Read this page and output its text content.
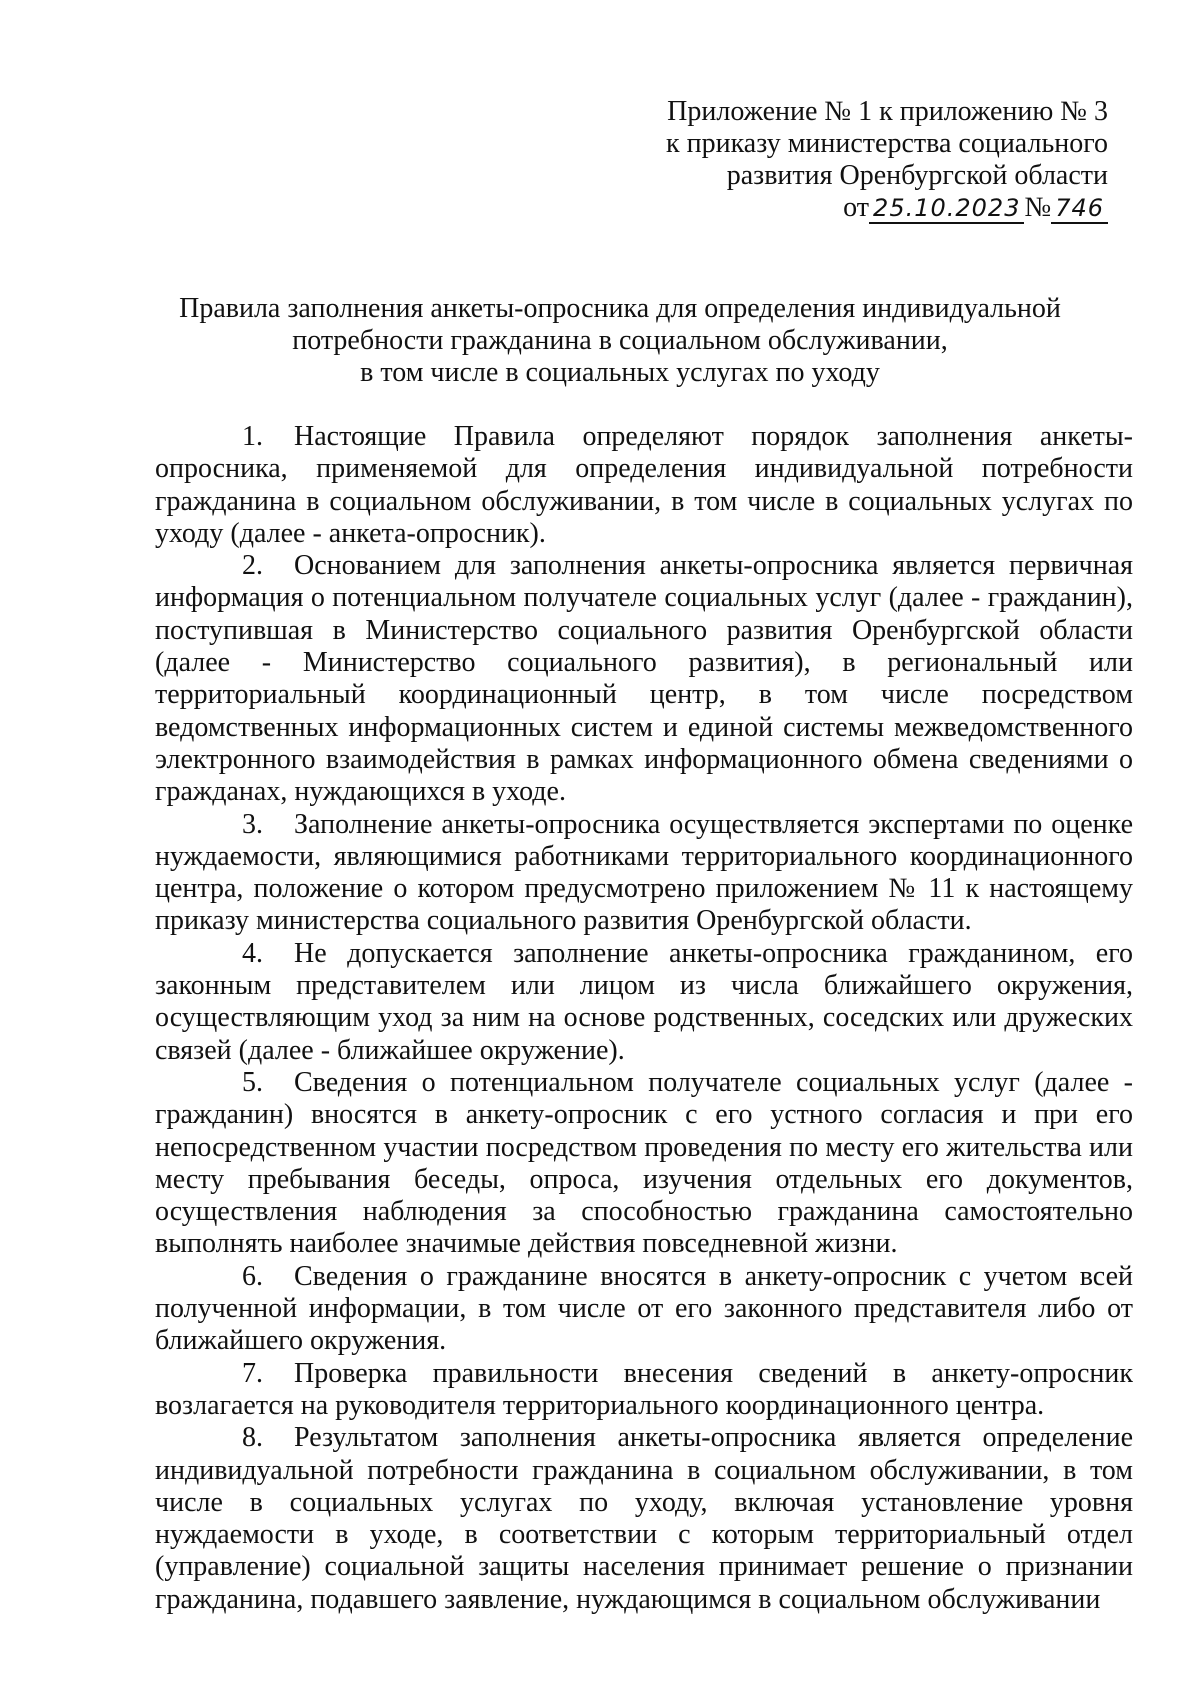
Приложение № 1 к приложению № 3
к приказу министерства социального
развития Оренбургской области
от 25.10.2023 № 746
Правила заполнения анкеты-опросника для определения индивидуальной
потребности гражданина в социальном обслуживании,
в том числе в социальных услугах по уходу

1. Настоящие Правила определяют порядок заполнения анкеты-опросника, применяемой для определения индивидуальной потребности гражданина в социальном обслуживании, в том числе в социальных услугах по уходу (далее - анкета-опросник).

2. Основанием для заполнения анкеты-опросника является первичная информация о потенциальном получателе социальных услуг (далее - гражданин), поступившая в Министерство социального развития Оренбургской области (далее - Министерство социального развития), в региональный или территориальный координационный центр, в том числе посредством ведомственных информационных систем и единой системы межведомственного электронного взаимодействия в рамках информационного обмена сведениями о гражданах, нуждающихся в уходе.

3. Заполнение анкеты-опросника осуществляется экспертами по оценке нуждаемости, являющимися работниками территориального координационного центра, положение о котором предусмотрено приложением № 11 к настоящему приказу министерства социального развития Оренбургской области.

4. Не допускается заполнение анкеты-опросника гражданином, его законным представителем или лицом из числа ближайшего окружения, осуществляющим уход за ним на основе родственных, соседских или дружеских связей (далее - ближайшее окружение).

5. Сведения о потенциальном получателе социальных услуг (далее - гражданин) вносятся в анкету-опросник с его устного согласия и при его непосредственном участии посредством проведения по месту его жительства или месту пребывания беседы, опроса, изучения отдельных его документов, осуществления наблюдения за способностью гражданина самостоятельно выполнять наиболее значимые действия повседневной жизни.

6. Сведения о гражданине вносятся в анкету-опросник с учетом всей полученной информации, в том числе от его законного представителя либо от ближайшего окружения.

7. Проверка правильности внесения сведений в анкету-опросник возлагается на руководителя территориального координационного центра.

8. Результатом заполнения анкеты-опросника является определение индивидуальной потребности гражданина в социальном обслуживании, в том числе в социальных услугах по уходу, включая установление уровня нуждаемости в уходе, в соответствии с которым территориальный отдел (управление) социальной защиты населения принимает решение о признании гражданина, подавшего заявление, нуждающимся в социальном обслуживании
